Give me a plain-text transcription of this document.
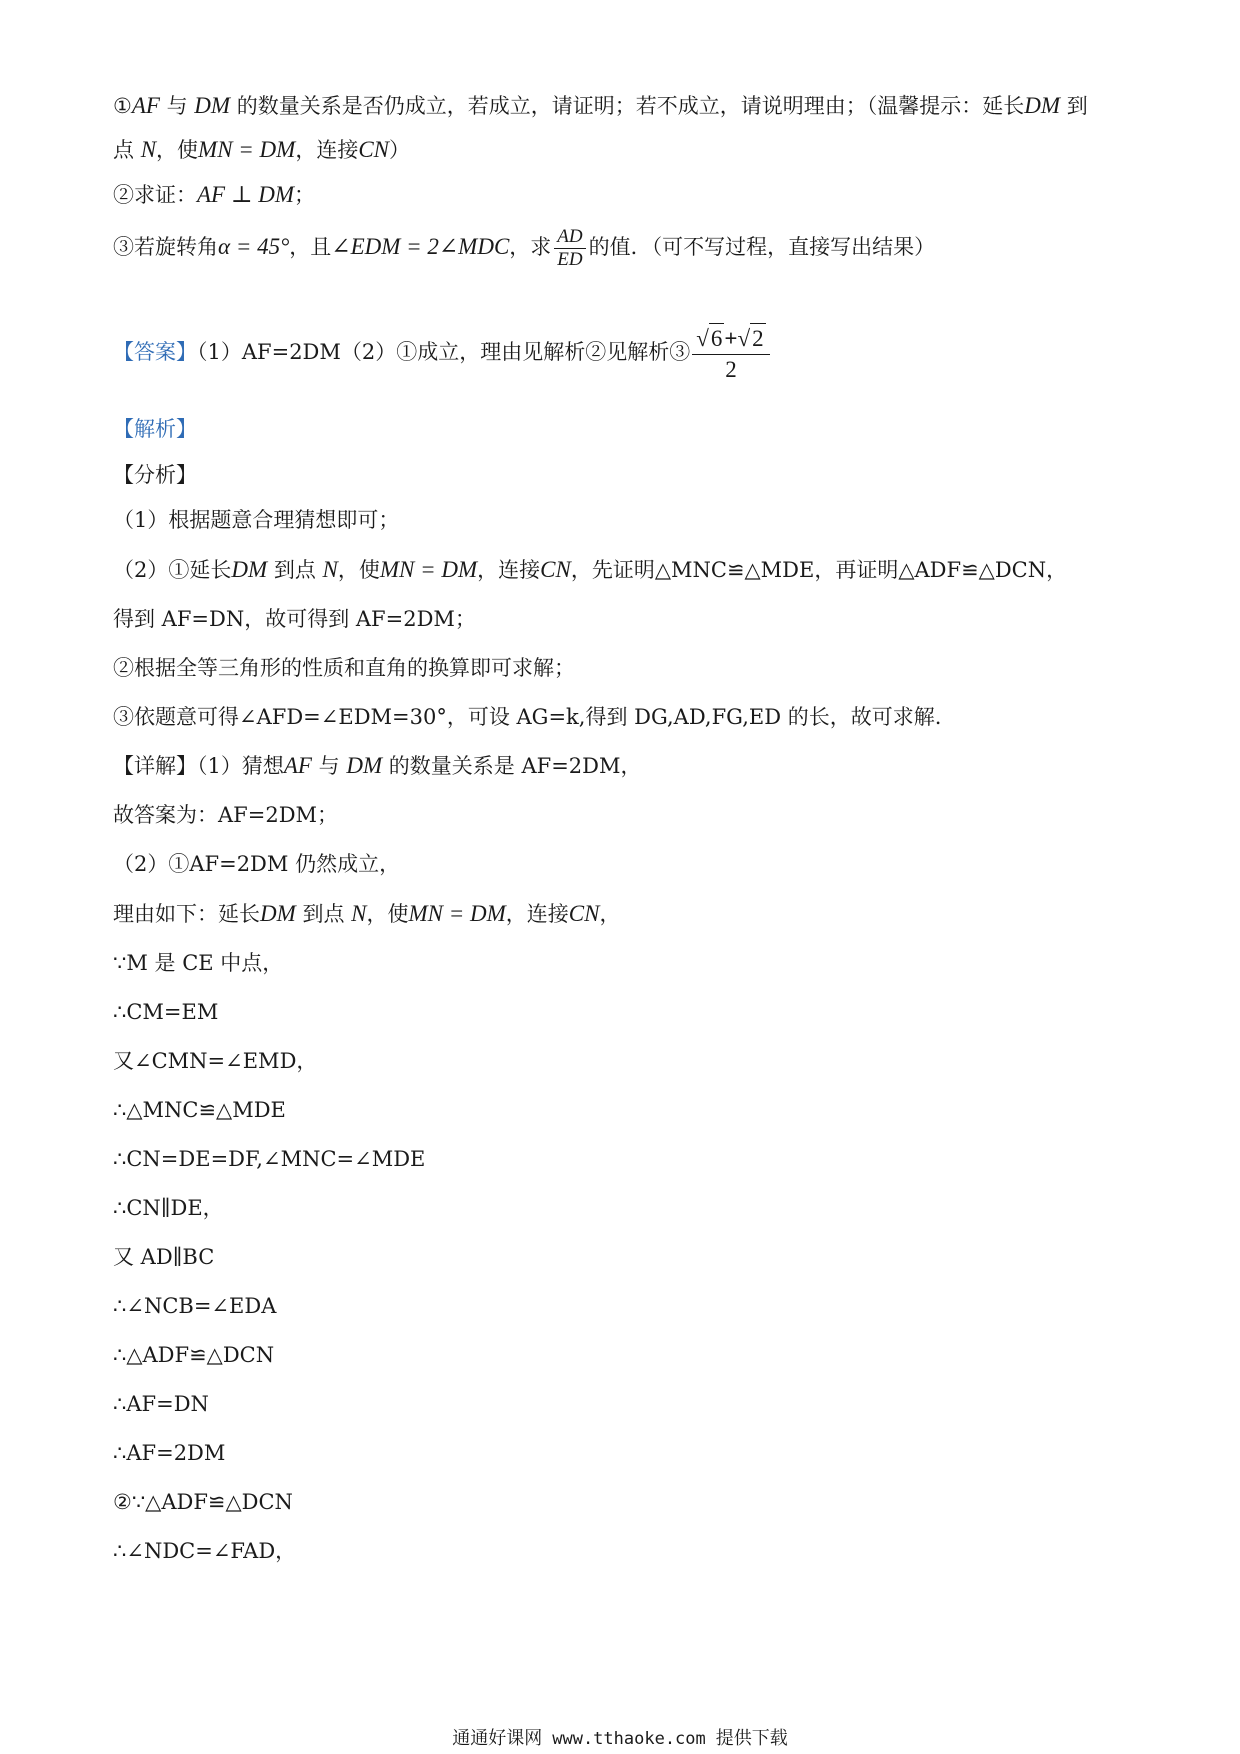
①AF 与 DM 的数量关系是否仍成立，若成立，请证明；若不成立，请说明理由；（温馨提示：延长DM 到
点 N，使MN = DM，连接CN）
②求证：AF ⊥ DM；
③若旋转角α = 45°，且∠EDM = 2∠MDC，求 $\frac{AD}{ED}$ 的值．（可不写过程，直接写出结果）
【答案】（1）AF=2DM（2）①成立，理由见解析②见解析③ $\frac{√6+√2}{2}$
【解析】
【分析】
（1）根据题意合理猜想即可；
（2）①延长DM 到点 N，使MN = DM，连接CN，先证明△MNC≌△MDE，再证明△ADF≌△DCN，
得到 AF=DN，故可得到 AF=2DM；
②根据全等三角形的性质和直角的换算即可求解；
③依题意可得∠AFD=∠EDM=30°，可设 AG=k,得到 DG,AD,FG,ED 的长，故可求解.
【详解】（1）猜想AF 与 DM 的数量关系是 AF=2DM，
故答案为：AF=2DM；
（2）①AF=2DM 仍然成立，
理由如下：延长DM 到点 N，使MN = DM，连接CN，
∵M 是 CE 中点，
∴CM=EM
又∠CMN=∠EMD，
∴△MNC≌△MDE
∴CN=DE=DF,∠MNC=∠MDE
∴CN∥DE，
又 AD∥BC
∴∠NCB=∠EDA
∴△ADF≌△DCN
∴AF=DN
∴AF=2DM
②∵△ADF≌△DCN
∴∠NDC=∠FAD，
通通好课网 www.tthaoke.com 提供下载
